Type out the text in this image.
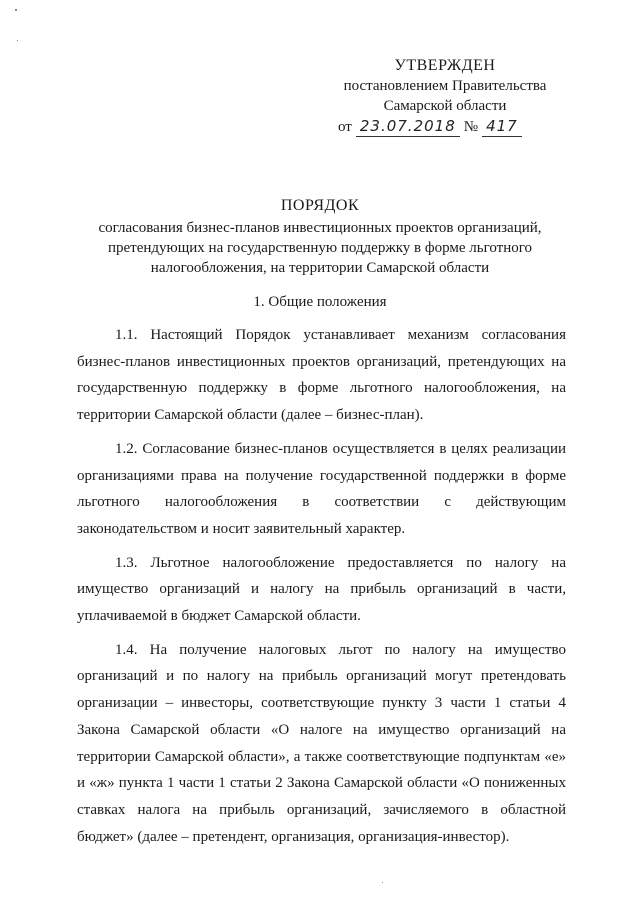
УТВЕРЖДЕН
постановлением Правительства
Самарской области
от 23.07.2018 № 417
ПОРЯДОК
согласования бизнес-планов инвестиционных проектов организаций, претендующих на государственную поддержку в форме льготного налогообложения, на территории Самарской области
1. Общие положения

1.1. Настоящий Порядок устанавливает механизм согласования бизнес-планов инвестиционных проектов организаций, претендующих на государственную поддержку в форме льготного налогообложения, на территории Самарской области (далее – бизнес-план).

1.2. Согласование бизнес-планов осуществляется в целях реализации организациями права на получение государственной поддержки в форме льготного налогообложения в соответствии с действующим законодательством и носит заявительный характер.

1.3. Льготное налогообложение предоставляется по налогу на имущество организаций и налогу на прибыль организаций в части, уплачиваемой в бюджет Самарской области.

1.4. На получение налоговых льгот по налогу на имущество организаций и по налогу на прибыль организаций могут претендовать организации – инвесторы, соответствующие пункту 3 части 1 статьи 4 Закона Самарской области «О налоге на имущество организаций на территории Самарской области», а также соответствующие подпунктам «е» и «ж» пункта 1 части 1 статьи 2 Закона Самарской области «О пониженных ставках налога на прибыль организаций, зачисляемого в областной бюджет» (далее – претендент, организация, организация-инвестор).
